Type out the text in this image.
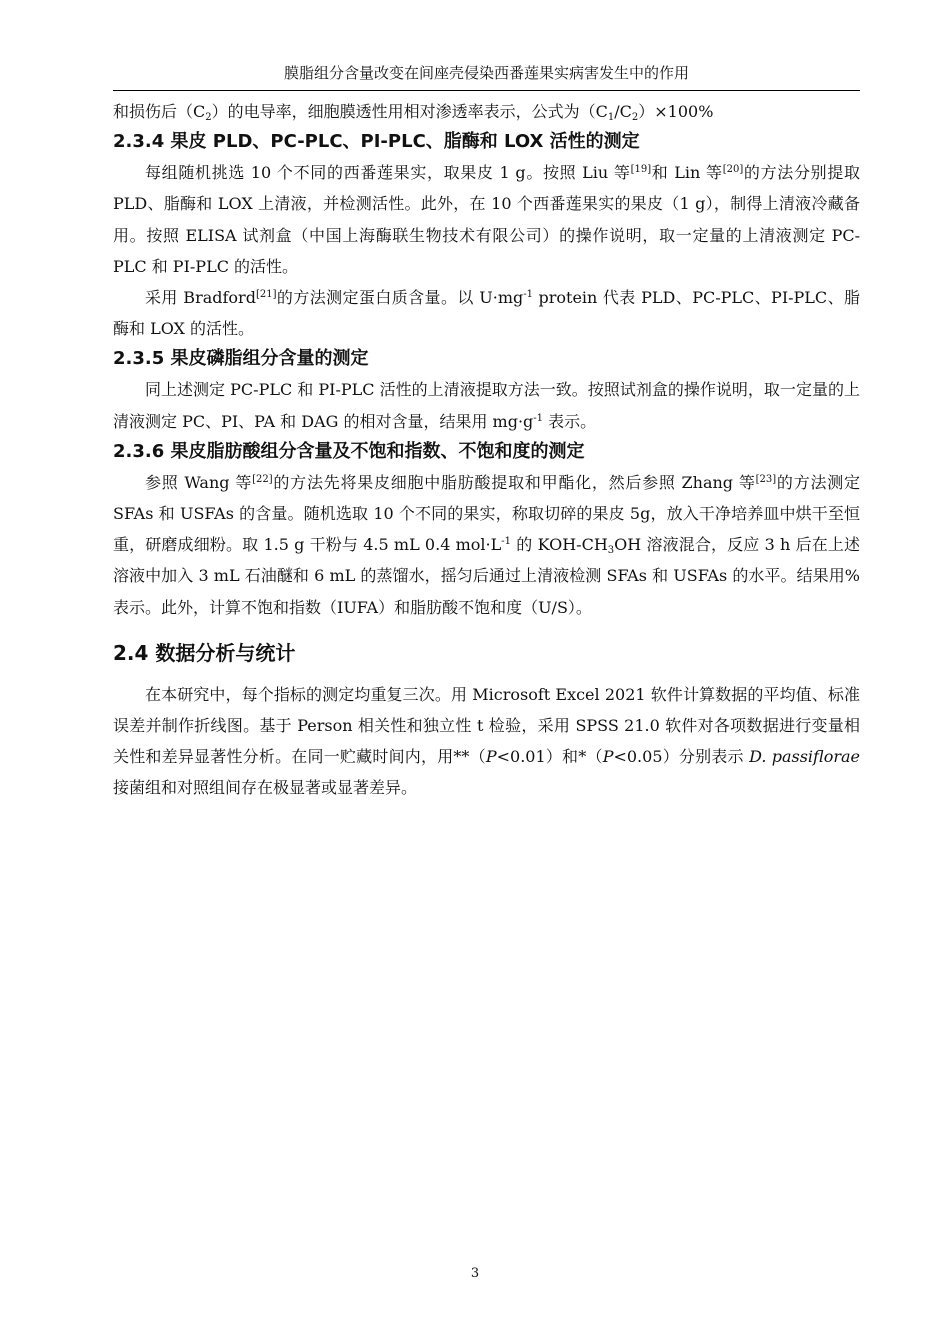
膜脂组分含量改变在间座壳侵染西番莲果实病害发生中的作用

和损伤后$(C_2)$的电导率，细胞膜透性用相对渗透率表示，公式为$(C_1/C_2)\times 100\%$

2.3.4 果皮 PLD、PC-PLC、PI-PLC、脂酶和 LOX 活性的测定

每组随机挑选 10 个不同的西番莲果实，取果皮 1 g。按照 Liu 等[19]和 Lin 等[20]的方法分别提取 PLD、脂酶和 LOX 上清液，并检测活性。此外，在 10 个西番莲果实的果皮（1 g），制得上清液冷藏备用。按照 ELISA 试剂盒（中国上海酶联生物技术有限公司）的操作说明，取一定量的上清液测定 PC-PLC 和 PI-PLC 的活性。

采用 Bradford[21]的方法测定蛋白质含量。以 $U\cdot mg^{-1}$ protein 代表 PLD、PC-PLC、PI-PLC、脂酶和 LOX 的活性。

2.3.5 果皮磷脂组分含量的测定

同上述测定 PC-PLC 和 PI-PLC 活性的上清液提取方法一致。按照试剂盒的操作说明，取一定量的上清液测定 PC、PI、PA 和 DAG 的相对含量，结果用 $mg\cdot g^{-1}$ 表示。

2.3.6 果皮脂肪酸组分含量及不饱和指数、不饱和度的测定

参照 Wang 等[22]的方法先将果皮细胞中脂肪酸提取和甲酯化，然后参照 Zhang 等[23]的方法测定 SFAs 和 USFAs 的含量。随机选取 10 个不同的果实，称取切碎的果皮 5g，放入干净培养皿中烘干至恒重，研磨成细粉。取 1.5 g 干粉与 4.5 mL 0.4 $mol\cdot L^{-1}$ 的 KOH-$CH_3OH$ 溶液混合，反应 3 h 后在上述溶液中加入 3 mL 石油醚和 6 mL 的蒸馏水，摇匀后通过上清液检测 SFAs 和 USFAs 的水平。结果用%表示。此外，计算不饱和指数（IUFA）和脂肪酸不饱和度（U/S）。

2.4 数据分析与统计

在本研究中，每个指标的测定均重复三次。用 Microsoft Excel 2021 软件计算数据的平均值、标准误差并制作折线图。基于 Person 相关性和独立性 t 检验，采用 SPSS 21.0 软件对各项数据进行变量相关性和差异显著性分析。在同一贮藏时间内，用**（P<0.01）和*（P<0.05）分别表示 D. passiflorae 接菌组和对照组间存在极显著或显著差异。

3
